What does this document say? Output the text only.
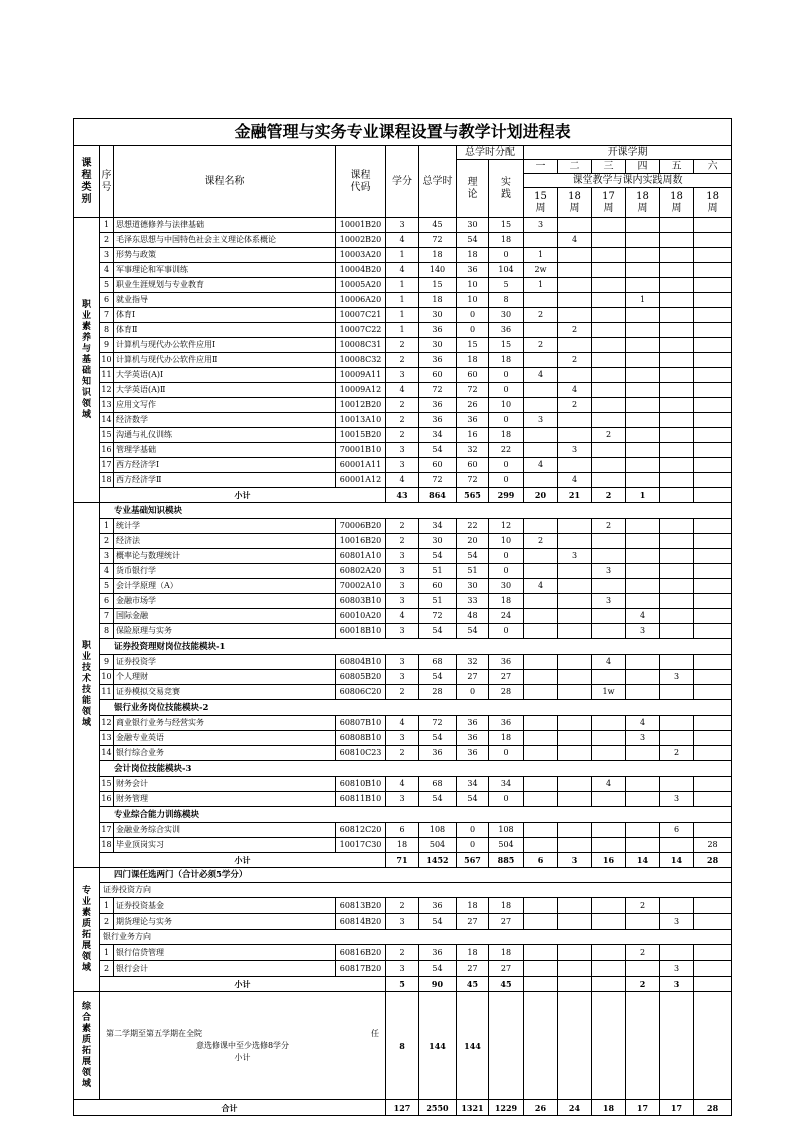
金融管理与实务专业课程设置与教学计划进程表													
课程类别	序号	课程名称	课程代码	学分	总学时	总学时分配		开课学期					
						理论	实践	一	二	三	四	五	六
								课堂教学与课内实践周数					
								15周	18周	17周	18周	18周	18周
职业素养与基础知识领域	1	思想道德修养与法律基础	10001B20	3	45	30	15	3					
	2	毛泽东思想与中国特色社会主义理论体系概论	10002B20	4	72	54	18		4				
	3	形势与政策	10003A20	1	18	18	0	1					
	4	军事理论和军事训练	10004B20	4	140	36	104	2w					
	5	职业生涯规划与专业教育	10005A20	1	15	10	5	1					
	6	就业指导	10006A20	1	18	10	8				1		
	7	体育Ⅰ	10007C21	1	30	0	30	2					
	8	体育Ⅱ	10007C22	1	36	0	36		2				
	9	计算机与现代办公软件应用Ⅰ	10008C31	2	30	15	15	2					
	10	计算机与现代办公软件应用Ⅱ	10008C32	2	36	18	18		2				
	11	大学英语(A)Ⅰ	10009A11	3	60	60	0	4					
	12	大学英语(A)Ⅱ	10009A12	4	72	72	0		4				
	13	应用文写作	10012B20	2	36	26	10		2				
	14	经济数学	10013A10	2	36	36	0	3					
	15	沟通与礼仪训练	10015B20	2	34	16	18			2			
	16	管理学基础	70001B10	3	54	32	22		3				
	17	西方经济学Ⅰ	60001A11	3	60	60	0	4					
	18	西方经济学Ⅱ	60001A12	4	72	72	0		4				
	小计			43	864	565	299	20	21	2	1		
职业技术技能领域	专业基础知识模块												
	1	统计学	70006B20	2	34	22	12			2			
	2	经济法	10016B20	2	30	20	10	2					
	3	概率论与数理统计	60801A10	3	54	54	0		3				
	4	货币银行学	60802A20	3	51	51	0			3			
	5	会计学原理（A）	70002A10	3	60	30	30	4					
	6	金融市场学	60803B10	3	51	33	18			3			
	7	国际金融	60010A20	4	72	48	24				4		
	8	保险原理与实务	60018B10	3	54	54	0				3		
	证券投资理财岗位技能模块-1												
	9	证券投资学	60804B10	3	68	32	36			4			
	10	个人理财	60805B20	3	54	27	27					3	
	11	证券模拟交易竞赛	60806C20	2	28	0	28			1w			
	银行业务岗位技能模块-2												
	12	商业银行业务与经营实务	60807B10	4	72	36	36				4		
	13	金融专业英语	60808B10	3	54	36	18				3		
	14	银行综合业务	60810C23	2	36	36	0					2	
	会计岗位技能模块-3												
	15	财务会计	60810B10	4	68	34	34			4			
	16	财务管理	60811B10	3	54	54	0					3	
	专业综合能力训练模块												
	17	金融业务综合实训	60812C20	6	108	0	108					6	
	18	毕业顶岗实习	10017C30	18	504	0	504						28
	小计			71	1452	567	885	6	3	16	14	14	28
专业素质拓展领域	四门课任选两门（合计必须5学分）												
	证券投资方向												
	1	证券投资基金	60813B20	2	36	18	18				2		
	2	期货理论与实务	60814B20	3	54	27	27					3	
	银行业务方向												
	1	银行信贷管理	60816B20	2	36	18	18				2		
	2	银行会计	60817B20	3	54	27	27					3	
	小计			5	90	45	45				2	3	
综合素质拓展领域	第二学期至第五学期在全院 任
意选修课中至少选修8学分
小计			8	144	144							
合计				127	2550	1321	1229	26	24	18	17	17	28
